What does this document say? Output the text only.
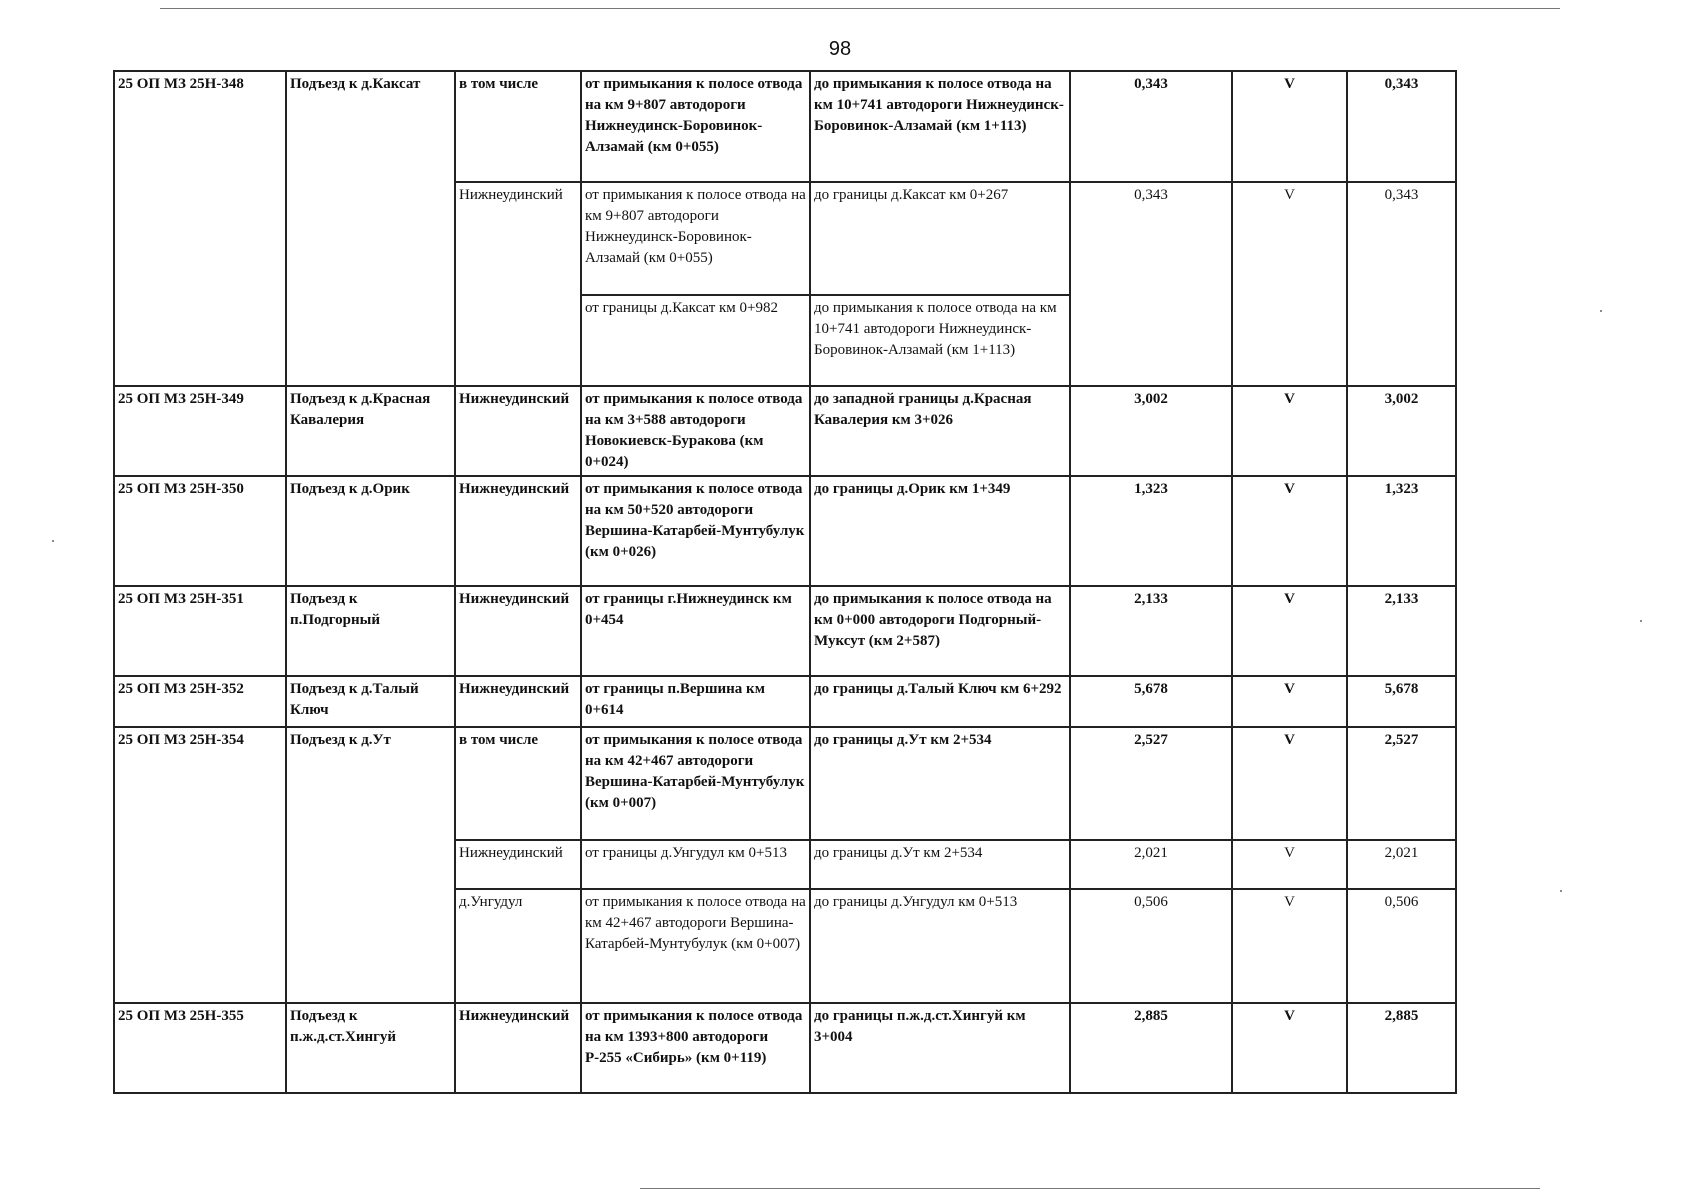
98
25 ОП МЗ 25Н-348	Подъезд к д.Каксат	в том числе	от примыкания к полосе отвода на км 9+807 автодороги Нижнеудинск-Боровинок-Алзамай (км 0+055)	до примыкания к полосе отвода на км 10+741 автодороги Нижнеудинск-Боровинок-Алзамай (км 1+113)	0,343	V	0,343
		Нижнеудинский	от примыкания к полосе отвода на км 9+807 автодороги Нижнеудинск-Боровинок-Алзамай (км 0+055)	до границы д.Каксат км 0+267	0,343	V	0,343
			от границы д.Каксат км 0+982	до примыкания к полосе отвода на км 10+741 автодороги Нижнеудинск-Боровинок-Алзамай (км 1+113)			
25 ОП МЗ 25Н-349	Подъезд к д.Красная Кавалерия	Нижнеудинский	от примыкания к полосе отвода на км 3+588 автодороги Новокиевск-Буракова (км 0+024)	до западной границы д.Красная Кавалерия км 3+026	3,002	V	3,002
25 ОП МЗ 25Н-350	Подъезд к д.Орик	Нижнеудинский	от примыкания к полосе отвода на км 50+520 автодороги Вершина-Катарбей-Мунтубулук (км 0+026)	до границы д.Орик км 1+349	1,323	V	1,323
25 ОП МЗ 25Н-351	Подъезд к п.Подгорный	Нижнеудинский	от границы г.Нижнеудинск км 0+454	до примыкания к полосе отвода на км 0+000 автодороги Подгорный-Муксут (км 2+587)	2,133	V	2,133
25 ОП МЗ 25Н-352	Подъезд к д.Талый Ключ	Нижнеудинский	от границы п.Вершина км 0+614	до границы д.Талый Ключ км 6+292	5,678	V	5,678
25 ОП МЗ 25Н-354	Подъезд к д.Ут	в том числе	от примыкания к полосе отвода на км 42+467 автодороги Вершина-Катарбей-Мунтубулук (км 0+007)	до границы д.Ут км 2+534	2,527	V	2,527
		Нижнеудинский	от границы д.Унгудул км 0+513	до границы д.Ут км 2+534	2,021	V	2,021
		д.Унгудул	от примыкания к полосе отвода на км 42+467 автодороги Вершина-Катарбей-Мунтубулук (км 0+007)	до границы д.Унгудул км 0+513	0,506	V	0,506
25 ОП МЗ 25Н-355	Подъезд к п.ж.д.ст.Хингуй	Нижнеудинский	от примыкания к полосе отвода на км 1393+800 автодороги Р-255 «Сибирь» (км 0+119)	до границы п.ж.д.ст.Хингуй км 3+004	2,885	V	2,885
